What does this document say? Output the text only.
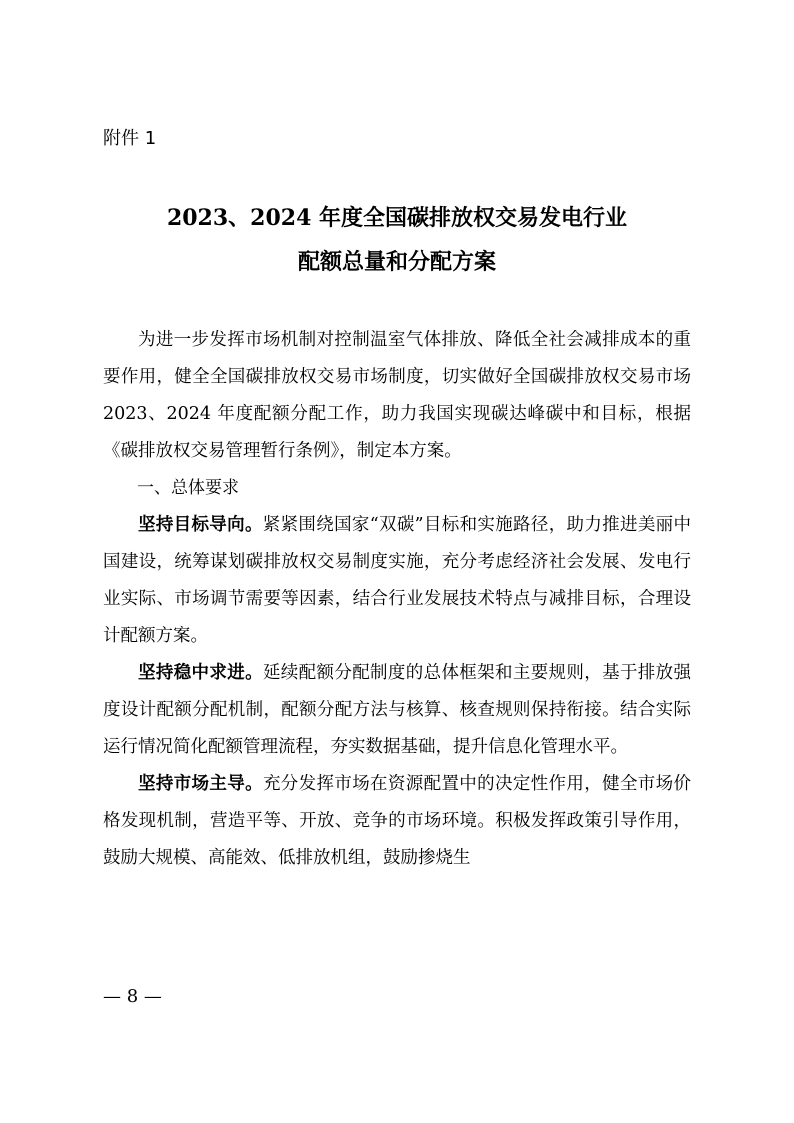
附件 1
2023、2024 年度全国碳排放权交易发电行业
配额总量和分配方案

为进一步发挥市场机制对控制温室气体排放、降低全社会减排成本的重要作用，健全全国碳排放权交易市场制度，切实做好全国碳排放权交易市场 2023、2024 年度配额分配工作，助力我国实现碳达峰碳中和目标，根据《碳排放权交易管理暂行条例》，制定本方案。

一、总体要求

坚持目标导向。紧紧围绕国家“双碳”目标和实施路径，助力推进美丽中国建设，统筹谋划碳排放权交易制度实施，充分考虑经济社会发展、发电行业实际、市场调节需要等因素，结合行业发展技术特点与减排目标，合理设计配额方案。

坚持稳中求进。延续配额分配制度的总体框架和主要规则，基于排放强度设计配额分配机制，配额分配方法与核算、核查规则保持衔接。结合实际运行情况简化配额管理流程，夯实数据基础，提升信息化管理水平。

坚持市场主导。充分发挥市场在资源配置中的决定性作用，健全市场价格发现机制，营造平等、开放、竞争的市场环境。积极发挥政策引导作用，鼓励大规模、高能效、低排放机组，鼓励掺烧生

— 8 —
